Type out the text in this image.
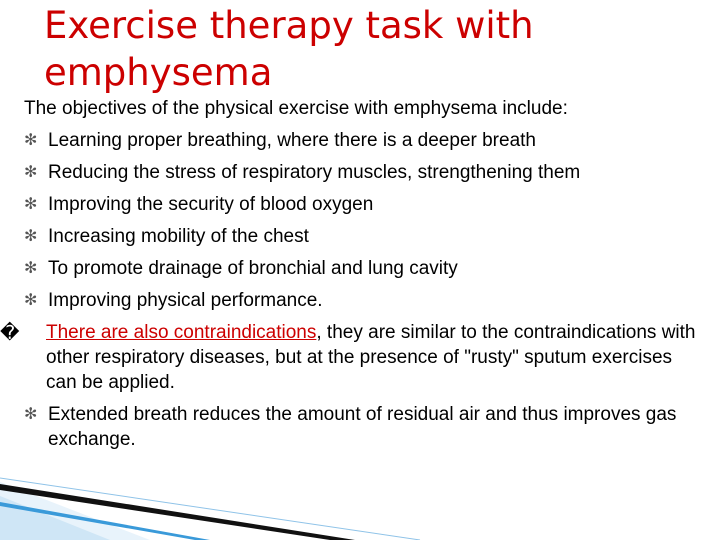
Exercise therapy task with emphysema

The objectives of the physical exercise with emphysema include:

✻ Learning proper breathing, where there is a deeper breath
✻ Reducing the stress of respiratory muscles, strengthening them
✻ Improving the security of blood oxygen
✻ Increasing mobility of the chest
✻ To promote drainage of bronchial and lung cavity
✻ Improving physical performance.
� There are also contraindications, they are similar to the contraindications with other respiratory diseases, but at the presence of "rusty" sputum exercises can be applied.
✻ Extended breath reduces the amount of residual air and thus improves gas exchange.
